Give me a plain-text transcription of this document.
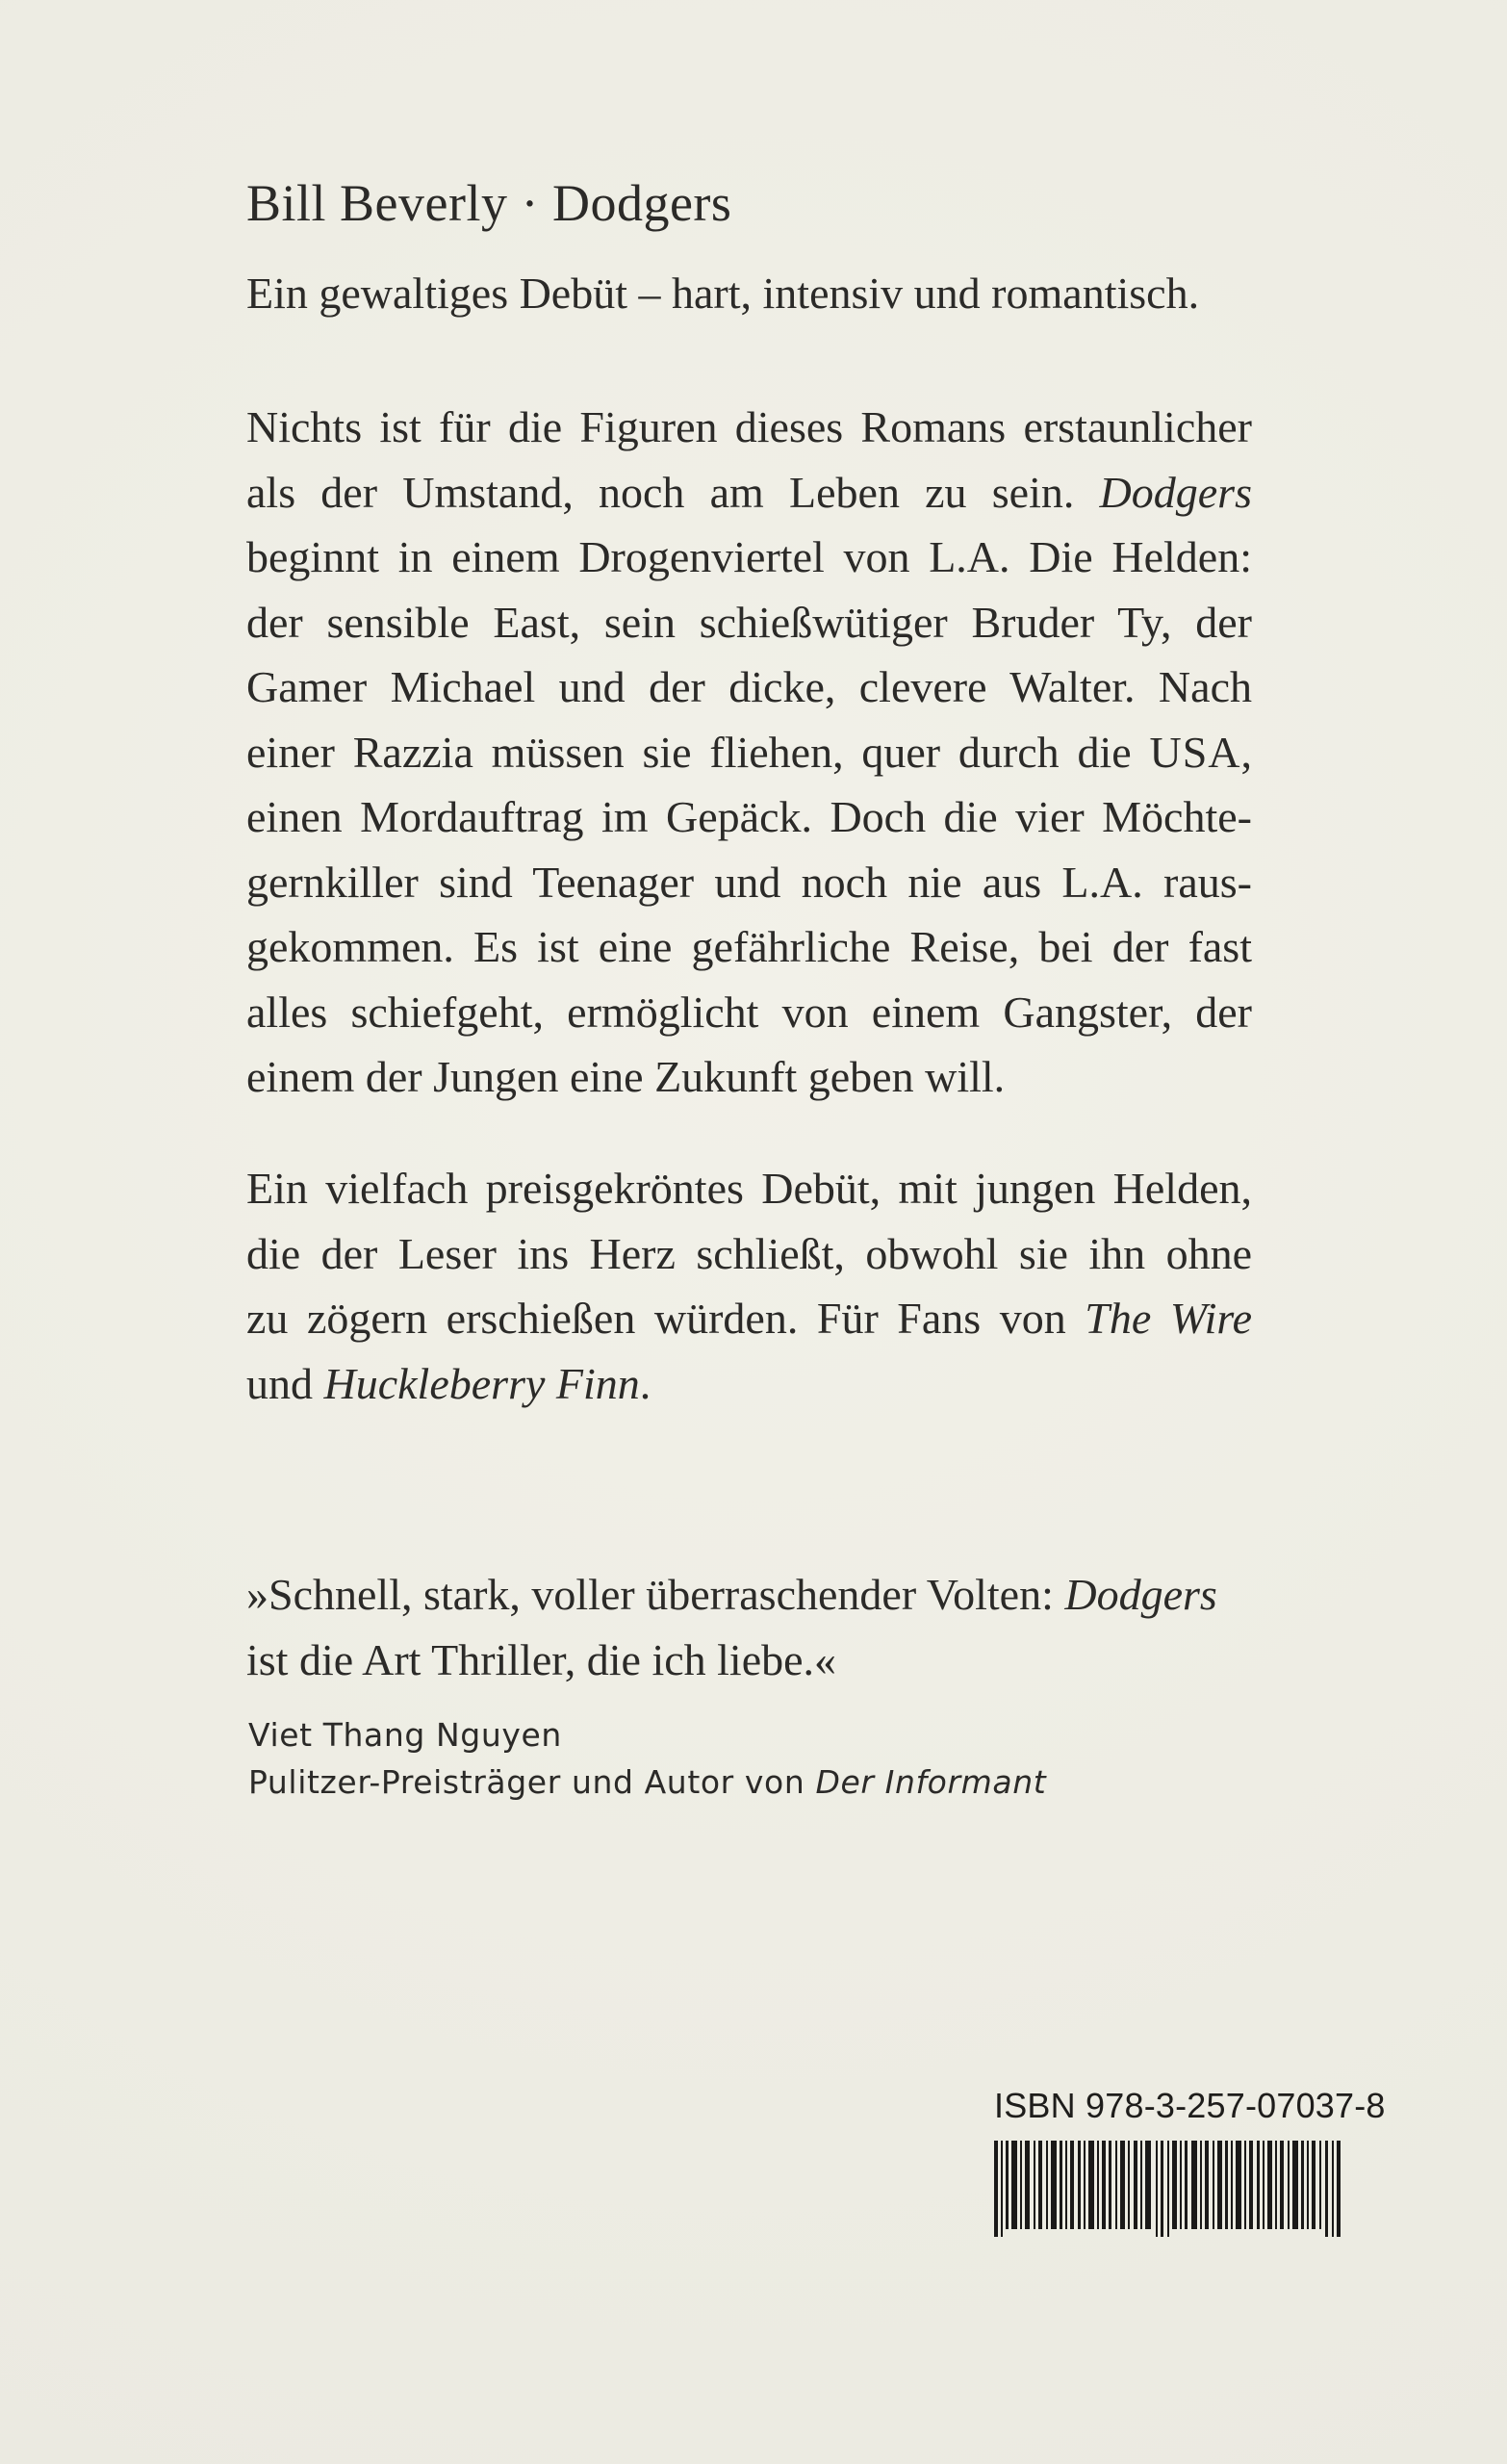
Bill Beverly · Dodgers
Ein gewaltiges Debüt – hart, intensiv und romantisch.
Nichts ist für die Figuren dieses Romans erstaunlicher
als der Umstand, noch am Leben zu sein. Dodgers
beginnt in einem Drogenviertel von L.A. Die Helden:
der sensible East, sein schießwütiger Bruder Ty, der
Gamer Michael und der dicke, clevere Walter. Nach
einer Razzia müssen sie fliehen, quer durch die USA,
einen Mordauftrag im Gepäck. Doch die vier Möchte-
gernkiller sind Teenager und noch nie aus L.A. raus-
gekommen. Es ist eine gefährliche Reise, bei der fast
alles schiefgeht, ermöglicht von einem Gangster, der
einem der Jungen eine Zukunft geben will.
Ein vielfach preisgekröntes Debüt, mit jungen Helden,
die der Leser ins Herz schließt, obwohl sie ihn ohne
zu zögern erschießen würden. Für Fans von The Wire
und Huckleberry Finn.
»Schnell, stark, voller überraschender Volten: Dodgers
ist die Art Thriller, die ich liebe.«
Viet Thang Nguyen
Pulitzer-Preisträger und Autor von Der Informant
ISBN 978-3-257-07037-8
